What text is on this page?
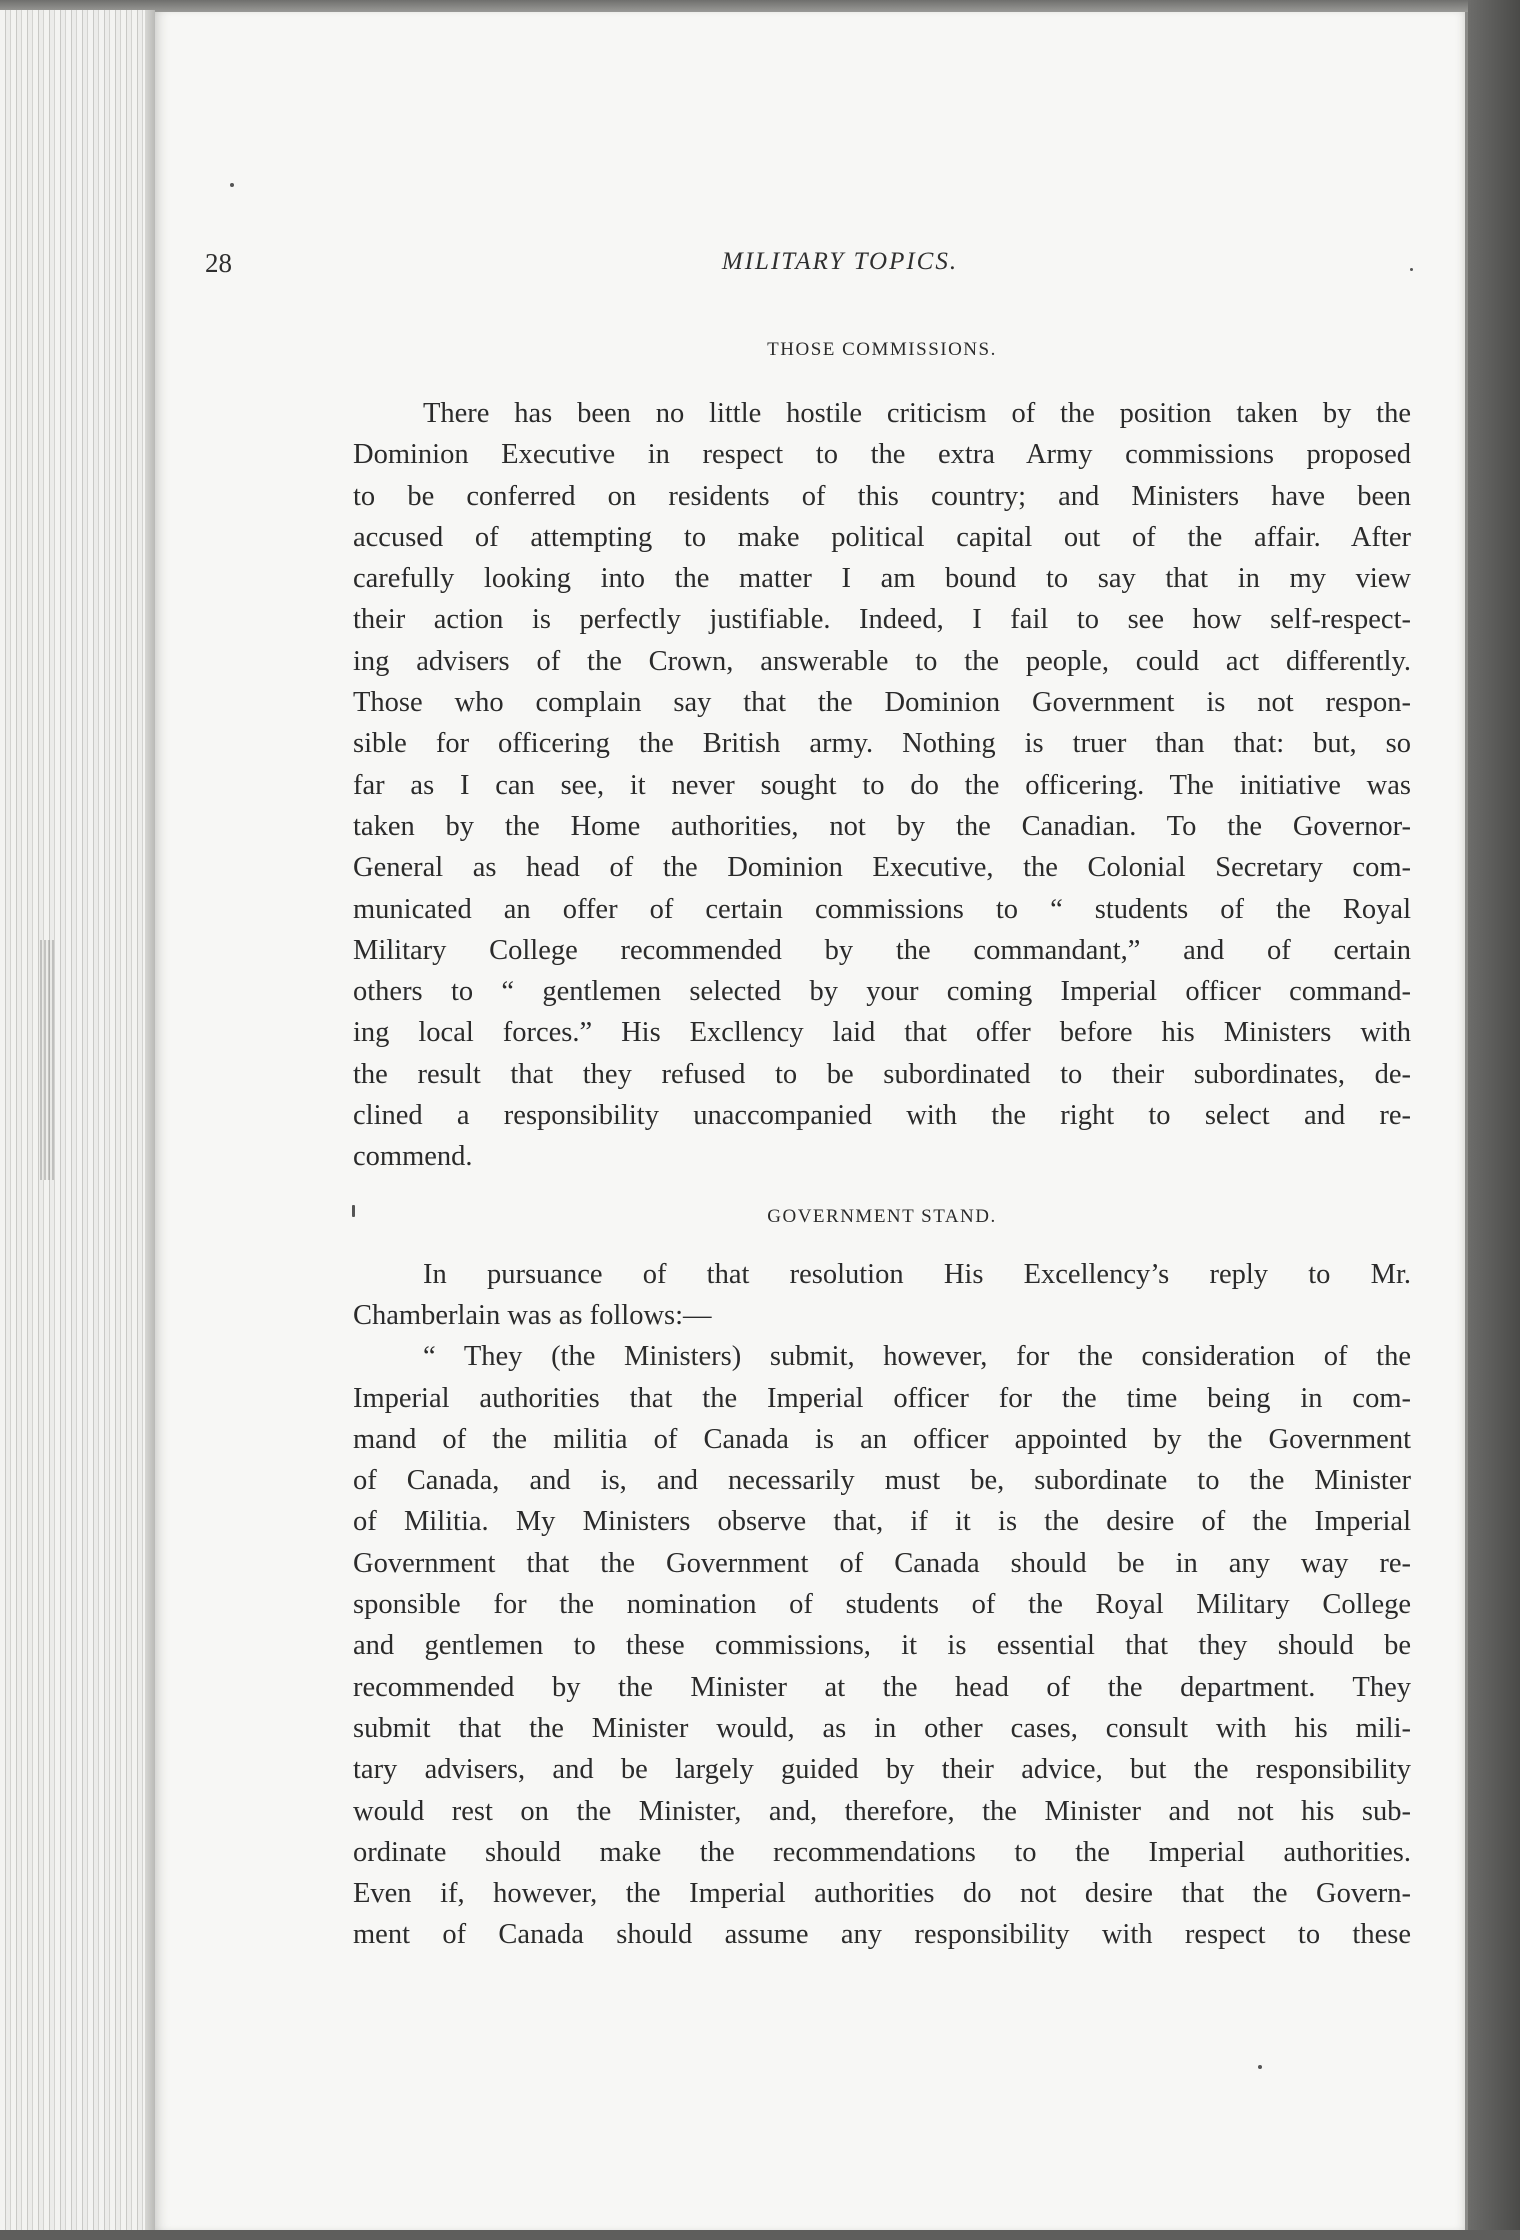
28	MILITARY TOPICS.
THOSE COMMISSIONS.
There has been no little hostile criticism of the position taken by the
Dominion Executive in respect to the extra Army commissions proposed
to be conferred on residents of this country; and Ministers have been
accused of attempting to make political capital out of the affair. After
carefully looking into the matter I am bound to say that in my view
their action is perfectly justifiable. Indeed, I fail to see how self-respect-
ing advisers of the Crown, answerable to the people, could act differently.
Those who complain say that the Dominion Government is not respon-
sible for officering the British army. Nothing is truer than that: but, so
far as I can see, it never sought to do the officering. The initiative was
taken by the Home authorities, not by the Canadian. To the Governor-
General as head of the Dominion Executive, the Colonial Secretary com-
municated an offer of certain commissions to “ students of the Royal
Military College recommended by the commandant,” and of certain
others to “ gentlemen selected by your coming Imperial officer command-
ing local forces.” His Excllency laid that offer before his Ministers with
the result that they refused to be subordinated to their subordinates, de-
clined a responsibility unaccompanied with the right to select and re-
commend.
GOVERNMENT STAND.
In pursuance of that resolution His Excellency’s reply to Mr.
Chamberlain was as follows:—
“ They (the Ministers) submit, however, for the consideration of the
Imperial authorities that the Imperial officer for the time being in com-
mand of the militia of Canada is an officer appointed by the Government
of Canada, and is, and necessarily must be, subordinate to the Minister
of Militia. My Ministers observe that, if it is the desire of the Imperial
Government that the Government of Canada should be in any way re-
sponsible for the nomination of students of the Royal Military College
and gentlemen to these commissions, it is essential that they should be
recommended by the Minister at the head of the department. They
submit that the Minister would, as in other cases, consult with his mili-
tary advisers, and be largely guided by their advice, but the responsibility
would rest on the Minister, and, therefore, the Minister and not his sub-
ordinate should make the recommendations to the Imperial authorities.
Even if, however, the Imperial authorities do not desire that the Govern-
ment of Canada should assume any responsibility with respect to these
